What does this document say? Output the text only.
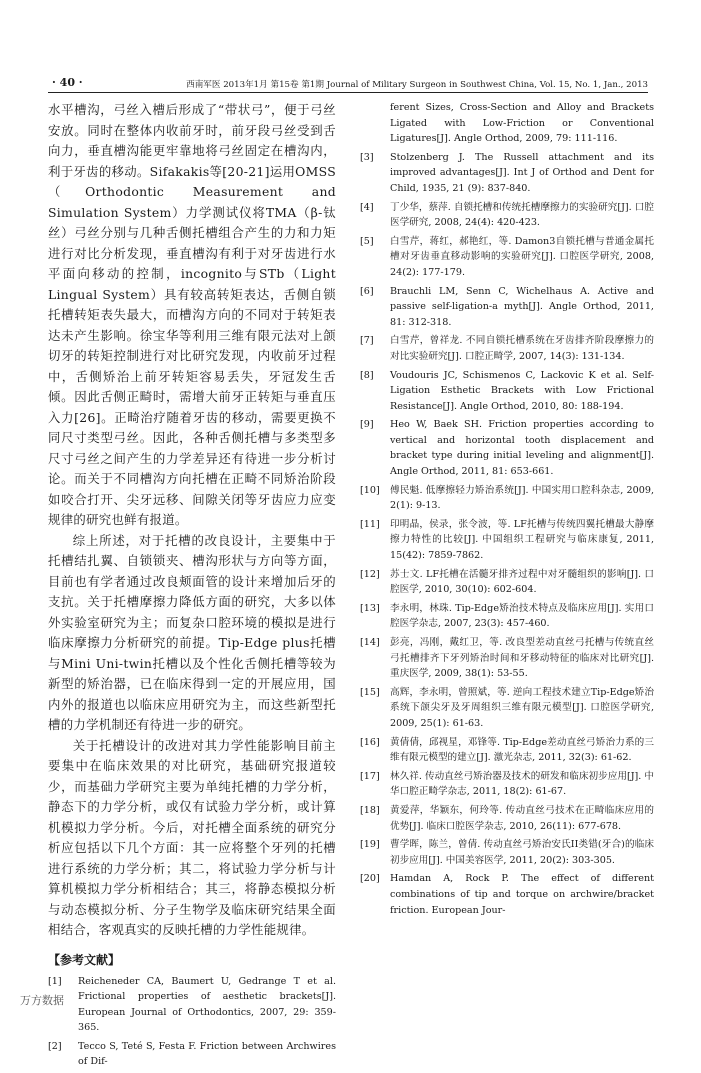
· 40 ·	西南军医 2013年1月 第15卷 第1期 Journal of Military Surgeon in Southwest China, Vol. 15, No. 1, Jan., 2013

水平槽沟，弓丝入槽后形成了“带状弓”，便于弓丝安放。同时在整体内收前牙时，前牙段弓丝受到舌向力，垂直槽沟能更牢靠地将弓丝固定在槽沟内，利于牙齿的移动。Sifakakis等[20-21]运用OMSS（Orthodontic Measurement and Simulation System）力学测试仪将TMA（β-钛丝）弓丝分别与几种舌侧托槽组合产生的力和力矩进行对比分析发现，垂直槽沟有利于对牙齿进行水平面向移动的控制，incognito与STb（Light Lingual System）具有较高转矩表达，舌侧自锁托槽转矩表失最大，而槽沟方向的不同对于转矩表达未产生影响。徐宝华等利用三维有限元法对上颌切牙的转矩控制进行对比研究发现，内收前牙过程中，舌侧矫治上前牙转矩容易丢失，牙冠发生舌倾。因此舌侧正畸时，需增大前牙正转矩与垂直压入力[26]。正畸治疗随着牙齿的移动，需要更换不同尺寸类型弓丝。因此，各种舌侧托槽与多类型多尺寸弓丝之间产生的力学差异还有待进一步分析讨论。而关于不同槽沟方向托槽在正畸不同矫治阶段如咬合打开、尖牙远移、间隙关闭等牙齿应力应变规律的研究也鲜有报道。

综上所述，对于托槽的改良设计，主要集中于托槽结扎翼、自锁锁夹、槽沟形状与方向等方面，目前也有学者通过改良颊面管的设计来增加后牙的支抗。关于托槽摩擦力降低方面的研究，大多以体外实验室研究为主；而复杂口腔环境的模拟是进行临床摩擦力分析研究的前提。Tip-Edge plus托槽与Mini Uni-twin托槽以及个性化舌侧托槽等较为新型的矫治器，已在临床得到一定的开展应用，国内外的报道也以临床应用研究为主，而这些新型托槽的力学机制还有待进一步的研究。

关于托槽设计的改进对其力学性能影响目前主要集中在临床效果的对比研究，基础研究报道较少，而基础力学研究主要为单纯托槽的力学分析，静态下的力学分析，或仅有试验力学分析，或计算机模拟力学分析。今后，对托槽全面系统的研究分析应包括以下几个方面：其一应将整个牙列的托槽进行系统的力学分析；其二，将试验力学分析与计算机模拟力学分析相结合；其三，将静态模拟分析与动态模拟分析、分子生物学及临床研究结果全面相结合，客观真实的反映托槽的力学性能规律。

【参考文献】
[1] Reicheneder CA, Baumert U, Gedrange T et al. Frictional properties of aesthetic brackets[J]. European Journal of Orthodontics, 2007, 29: 359-365.
[2] Tecco S, Teté S, Festa F. Friction between Archwires of Dif-
ferent Sizes, Cross-Section and Alloy and Brackets Ligated with Low-Friction or Conventional Ligatures[J]. Angle Orthod, 2009, 79: 111-116.
[3] Stolzenberg J. The Russell attachment and its improved advantages[J]. Int J of Orthod and Dent for Child, 1935, 21 (9): 837-840.
[4] 丁少华，蔡萍. 自锁托槽和传统托槽摩擦力的实验研究[J]. 口腔医学研究, 2008, 24(4): 420-423.
[5] 白雪芹，蒋红，郝艳红，等. Damon3自锁托槽与普通金属托槽对牙齿垂直移动影响的实验研究[J]. 口腔医学研究, 2008, 24(2): 177-179.
[6] Brauchli LM, Senn C, Wichelhaus A. Active and passive self-ligation-a myth[J]. Angle Orthod, 2011, 81: 312-318.
[7] 白雪芹，曾祥龙. 不同自锁托槽系统在牙齿排齐阶段摩擦力的对比实验研究[J]. 口腔正畸学, 2007, 14(3): 131-134.
[8] Voudouris JC, Schismenos C, Lackovic K et al. Self-Ligation Esthetic Brackets with Low Frictional Resistance[J]. Angle Orthod, 2010, 80: 188-194.
[9] Heo W, Baek SH. Friction properties according to vertical and horizontal tooth displacement and bracket type during initial leveling and alignment[J]. Angle Orthod, 2011, 81: 653-661.
[10] 傅民魁. 低摩擦轻力矫治系统[J]. 中国实用口腔科杂志, 2009, 2(1): 9-13.
[11] 印明晶，侯录，张令波，等. LF托槽与传统四翼托槽最大静摩擦力特性的比较[J]. 中国组织工程研究与临床康复, 2011, 15(42): 7859-7862.
[12] 苏士文. LF托槽在活髓牙排齐过程中对牙髓组织的影响[J]. 口腔医学, 2010, 30(10): 602-604.
[13] 李永明，林珠. Tip-Edge矫治技术特点及临床应用[J]. 实用口腔医学杂志, 2007, 23(3): 457-460.
[14] 彭亮，冯刚，戴红卫，等. 改良型差动直丝弓托槽与传统直丝弓托槽排齐下牙列矫治时间和牙移动特征的临床对比研究[J]. 重庆医学, 2009, 38(1): 53-55.
[15] 高辉，李永明，曾照斌，等. 逆向工程技术建立Tip-Edge矫治系统下颌尖牙及牙周组织三维有限元模型[J]. 口腔医学研究, 2009, 25(1): 61-63.
[16] 黄倩倩，邱视星，邓锋等. Tip-Edge差动直丝弓矫治力系的三维有限元模型的建立[J]. 激光杂志, 2011, 32(3): 61-62.
[17] 林久祥. 传动直丝弓矫治器及技术的研发和临床初步应用[J]. 中华口腔正畸学杂志, 2011, 18(2): 61-67.
[18] 黄爱萍，华颖东，何玲等. 传动直丝弓技术在正畸临床应用的优势[J]. 临床口腔医学杂志, 2010, 26(11): 677-678.
[19] 曹学晖，陈兰，曾倩. 传动直丝弓矫治安氏II类错(牙合)的临床初步应用[J]. 中国美容医学, 2011, 20(2): 303-305.
[20] Hamdan A, Rock P. The effect of different combinations of tip and torque on archwire/bracket friction. European Jour-
万方数据
